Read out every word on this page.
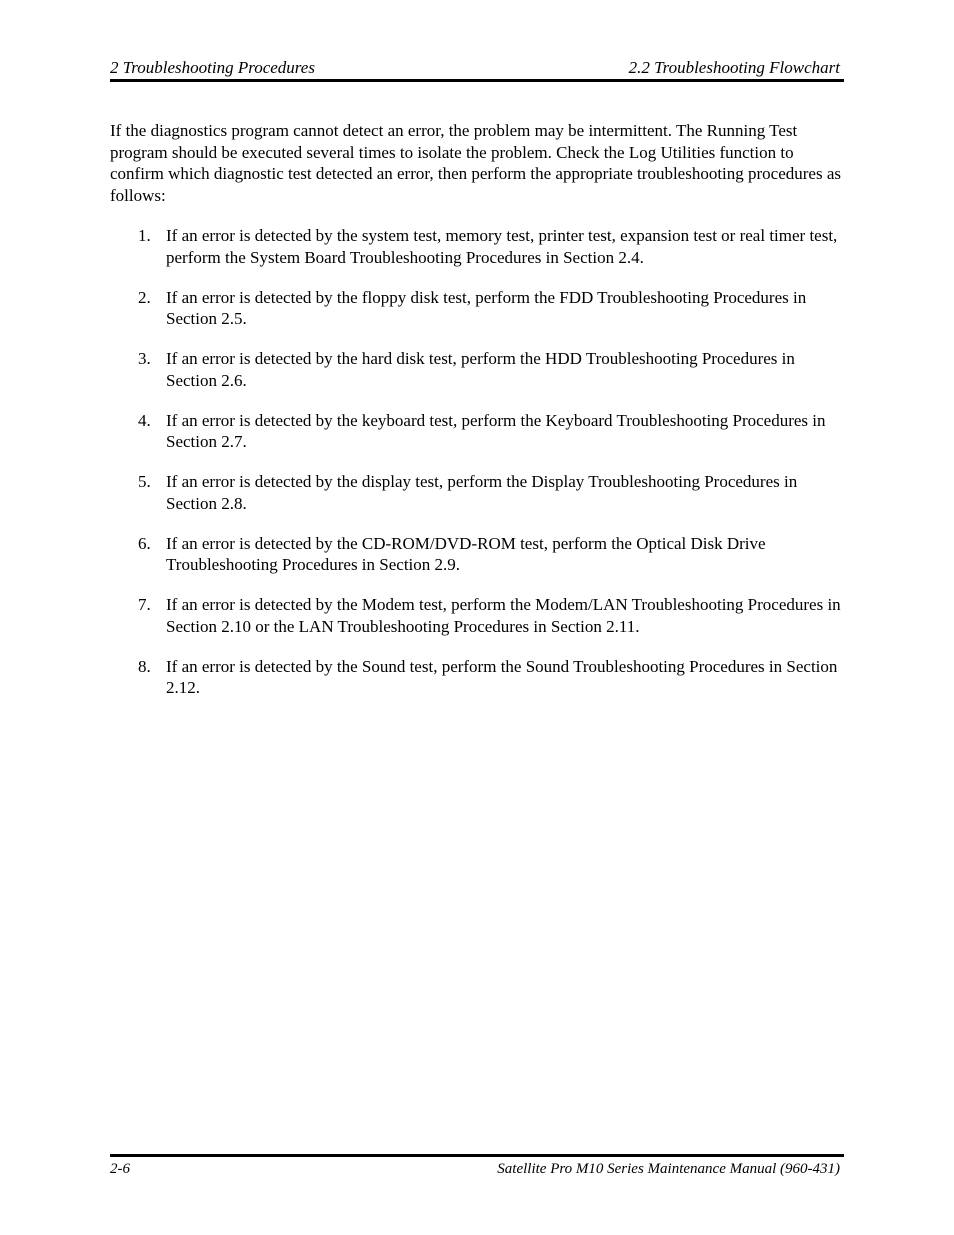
2 Troubleshooting Procedures	2.2 Troubleshooting Flowchart

If the diagnostics program cannot detect an error, the problem may be intermittent. The Running Test program should be executed several times to isolate the problem. Check the Log Utilities function to confirm which diagnostic test detected an error, then perform the appropriate troubleshooting procedures as follows:

1. If an error is detected by the system test, memory test, printer test, expansion test or real timer test, perform the System Board Troubleshooting Procedures in Section 2.4.
2. If an error is detected by the floppy disk test, perform the FDD Troubleshooting Procedures in Section 2.5.
3. If an error is detected by the hard disk test, perform the HDD Troubleshooting Procedures in Section 2.6.
4. If an error is detected by the keyboard test, perform the Keyboard Troubleshooting Procedures in Section 2.7.
5. If an error is detected by the display test, perform the Display Troubleshooting Procedures in Section 2.8.
6. If an error is detected by the CD-ROM/DVD-ROM test, perform the Optical Disk Drive Troubleshooting Procedures in Section 2.9.
7. If an error is detected by the Modem test, perform the Modem/LAN Troubleshooting Procedures in Section 2.10 or the LAN Troubleshooting Procedures in Section 2.11.
8. If an error is detected by the Sound test, perform the Sound Troubleshooting Procedures in Section 2.12.
2-6	Satellite Pro M10 Series Maintenance Manual (960-431)
